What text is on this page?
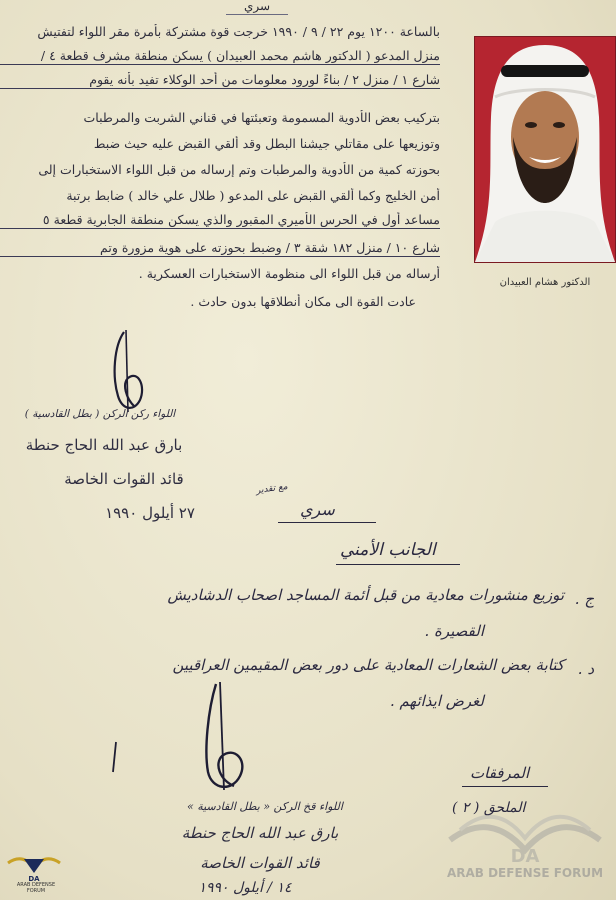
سري
بالساعة ١٢٠٠ يوم ٢٢ / ٩ / ١٩٩٠ خرجت قوة مشتركة بأمرة مقر اللواء لتفتيش
منزل المدعو ( الدكتور هاشم محمد العبيدان ) يسكن منطقة مشرف قطعة ٤ /
شارع ١ / منزل ٢ / بناءً لورود معلومات من أحد الوكلاء تفيد بأنه يقوم
بتركيب بعض الأدوية المسمومة وتعبئتها في قناني الشربت والمرطبات
وتوزيعها على مقاتلي جيشنا البطل وقد ألقي القبض عليه حيث ضبط
بحوزته كمية من الأدوية والمرطبات وتم إرساله من قبل اللواء الاستخبارات إلى
أمن الخليج وكما ألقي القبض على المدعو ( طلال علي خالد ) ضابط برتبة
مساعد أول في الحرس الأميري المقبور والذي يسكن منطقة الجابرية قطعة ٥
شارع ١٠ / منزل ١٨٢ شقة ٣ / وضبط بحوزته على هوية مزورة وتم
أرساله من قبل اللواء الى منظومة الاستخبارات العسكرية .
عادت القوة الى مكان أنطلاقها بدون حادث .
الدكتور هشام العبيدان
اللواء ركن الركن ( بطل القادسية )
بارق عبد الله الحاج حنطة
قائد القوات الخاصة
٢٧ أيلول ١٩٩٠
مع تقدير
سري
الجانب الأمني
ج .
توزيع منشورات معادية من قبل أئمة المساجد اصحاب الدشاديش
القصيرة .
د .
كتابة بعض الشعارات المعادية على دور بعض المقيمين العراقيين
لغرض ايذائهم .
اللواء قخ الركن « بطل القادسية »
بارق عبد الله الحاج حنطة
قائد القوات الخاصة
١٤ / أيلول ١٩٩٠
المرفقات
الملحق ( ٢ )
DA
ARAB DEFENSE FORUM
DA
ARAB DEFENSE FORUM
